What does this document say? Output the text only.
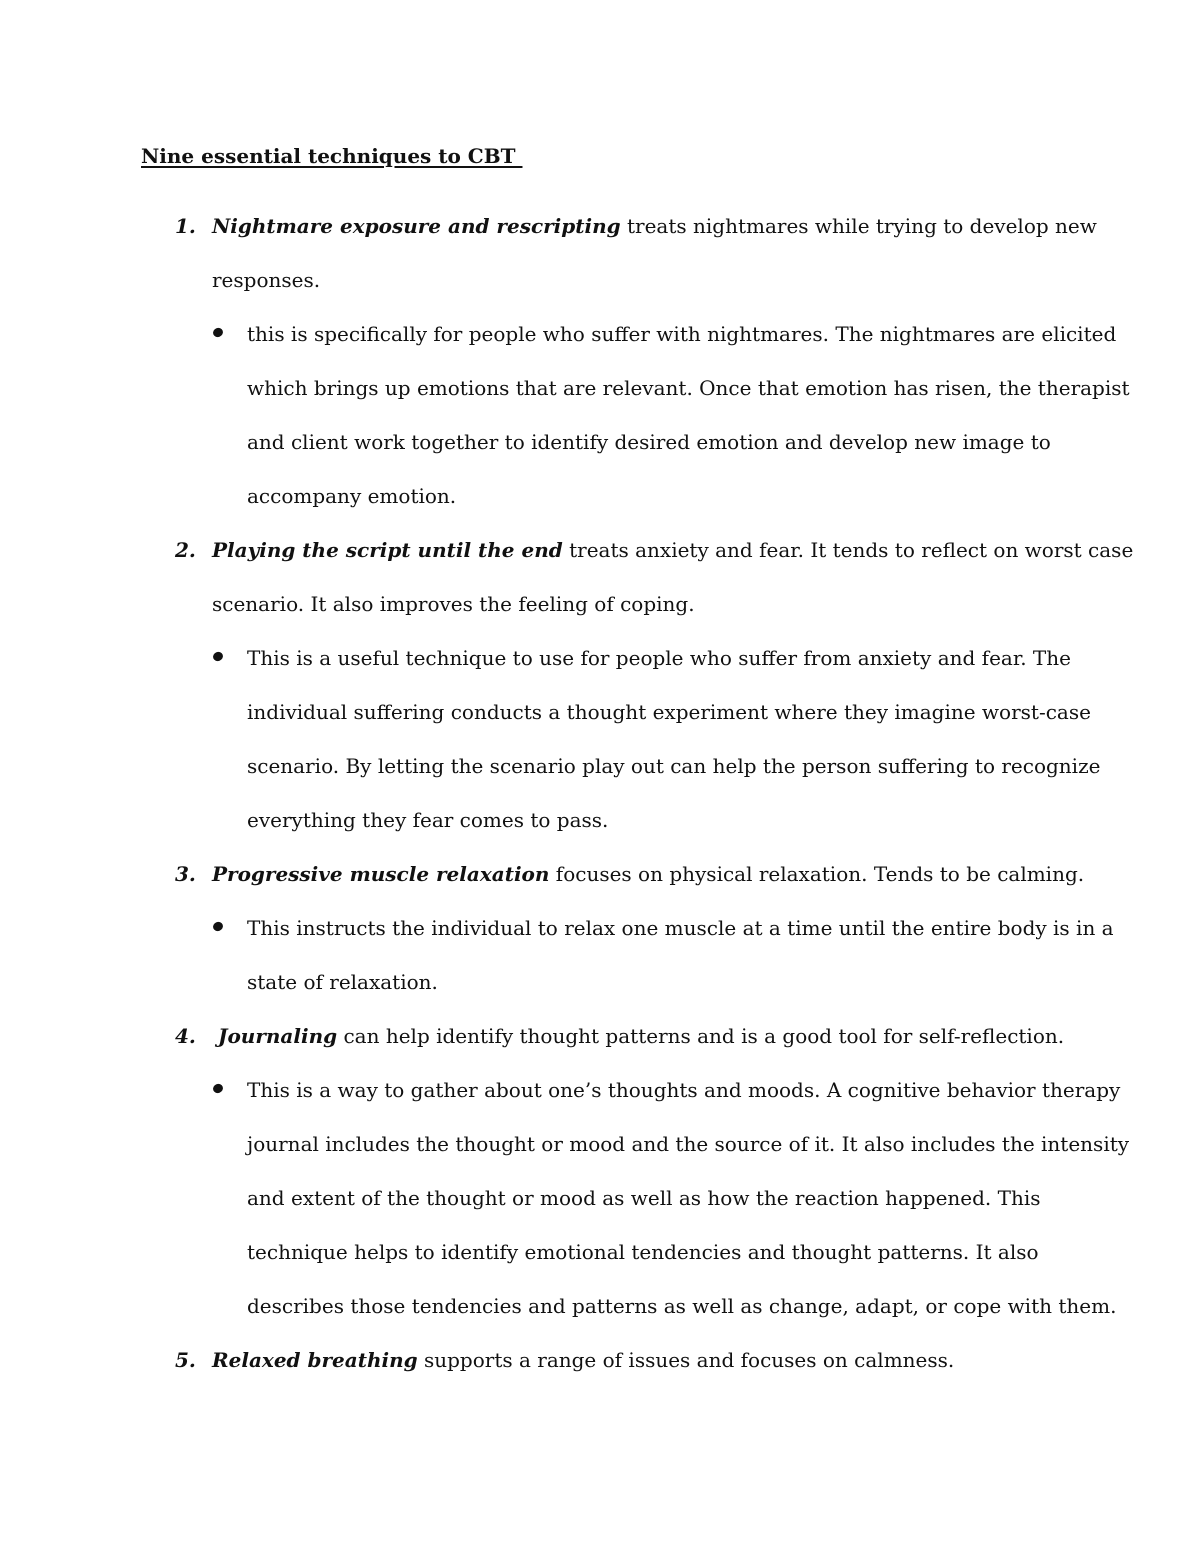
Nine essential techniques to CBT
1. Nightmare exposure and rescripting treats nightmares while trying to develop new
responses.
this is specifically for people who suffer with nightmares. The nightmares are elicited
which brings up emotions that are relevant. Once that emotion has risen, the therapist
and client work together to identify desired emotion and develop new image to
accompany emotion.
2. Playing the script until the end treats anxiety and fear. It tends to reflect on worst case
scenario. It also improves the feeling of coping.
This is a useful technique to use for people who suffer from anxiety and fear. The
individual suffering conducts a thought experiment where they imagine worst-case
scenario. By letting the scenario play out can help the person suffering to recognize
everything they fear comes to pass.
3. Progressive muscle relaxation focuses on physical relaxation. Tends to be calming.
This instructs the individual to relax one muscle at a time until the entire body is in a
state of relaxation.
4. Journaling can help identify thought patterns and is a good tool for self-reflection.
This is a way to gather about one’s thoughts and moods. A cognitive behavior therapy
journal includes the thought or mood and the source of it. It also includes the intensity
and extent of the thought or mood as well as how the reaction happened. This
technique helps to identify emotional tendencies and thought patterns. It also
describes those tendencies and patterns as well as change, adapt, or cope with them.
5. Relaxed breathing supports a range of issues and focuses on calmness.
